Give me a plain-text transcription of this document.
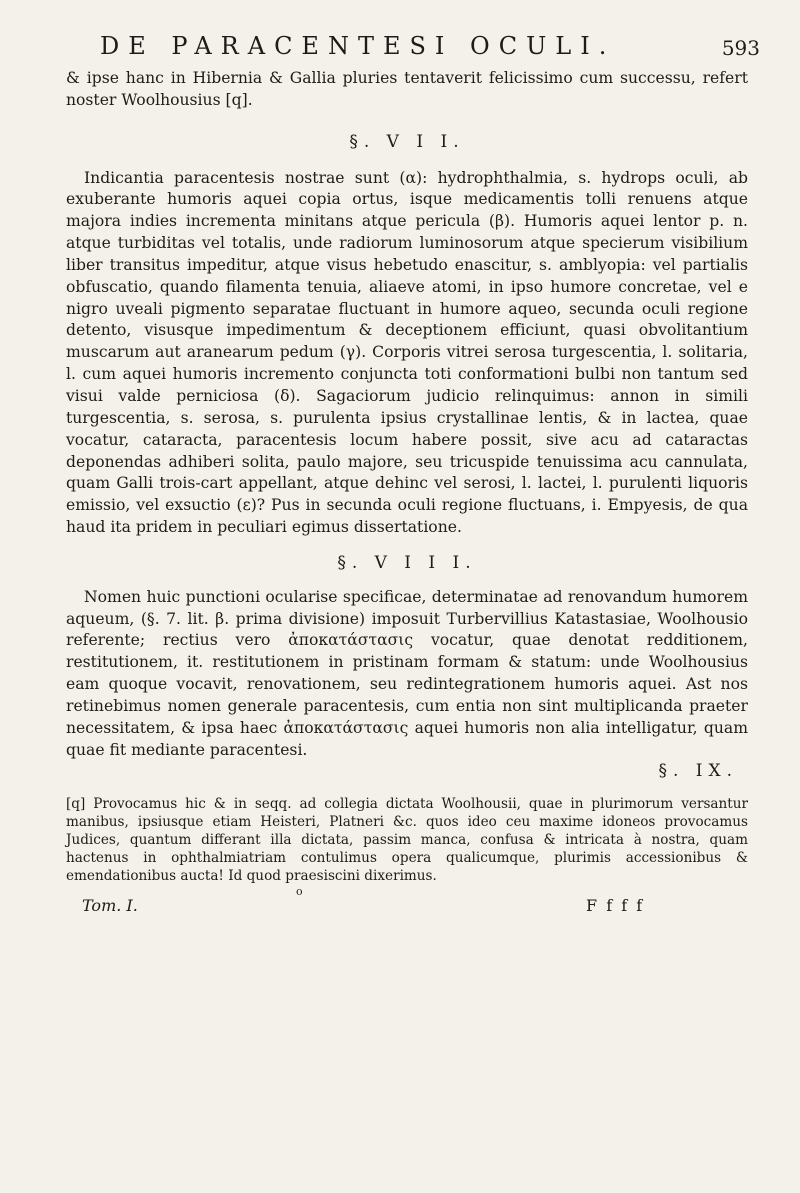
DE PARACENTESI OCULI.	593

& ipse hanc in Hibernia & Gallia pluries tentaverit felicissimo cum successu, refert noster Woolhousius [q].

§. V I I.

Indicantia paracentesis nostrae sunt (α): hydrophthalmia, s. hydrops oculi, ab exuberante humoris aquei copia ortus, isque medicamentis tolli renuens atque majora indies incrementa minitans atque pericula (β). Humoris aquei lentor p. n. atque turbiditas vel totalis, unde radiorum luminosorum atque specierum visibilium liber transitus impeditur, atque visus hebetudo enascitur, s. amblyopia: vel partialis obfuscatio, quando filamenta tenuia, aliaeve atomi, in ipso humore concretae, vel e nigro uveali pigmento separatae fluctuant in humore aqueo, secunda oculi regione detento, visusque impedimentum & deceptionem efficiunt, quasi obvolitantium muscarum aut aranearum pedum (γ). Corporis vitrei serosa turgescentia, l. solitaria, l. cum aquei humoris incremento conjuncta toti conformationi bulbi non tantum sed visui valde perniciosa (δ). Sagaciorum judicio relinquimus: annon in simili turgescentia, s. serosa, s. purulenta ipsius crystallinae lentis, & in lactea, quae vocatur, cataracta, paracentesis locum habere possit, sive acu ad cataractas deponendas adhiberi solita, paulo majore, seu tricuspide tenuissima acu cannulata, quam Galli trois-cart appellant, atque dehinc vel serosi, l. lactei, l. purulenti liquoris emissio, vel exsuctio (ε)? Pus in secunda oculi regione fluctuans, i. Empyesis, de qua haud ita pridem in peculiari egimus dissertatione.

§. V I I I.

Nomen huic punctioni ocularise specificae, determinatae ad renovandum humorem aqueum, (§. 7. lit. β. prima divisione) imposuit Turbervillius Katastasiae, Woolhousio referente; rectius vero ἀποκατάστασις vocatur, quae denotat redditionem, restitutionem, it. restitutionem in pristinam formam & statum: unde Woolhousius eam quoque vocavit, renovationem, seu redintegrationem humoris aquei. Ast nos retinebimus nomen generale paracentesis, cum entia non sint multiplicanda praeter necessitatem, & ipsa haec ἀποκατάστασις aquei humoris non alia intelligatur, quam quae fit mediante paracentesi.

§. IX.

[q] Provocamus hic & in seqq. ad collegia dictata Woolhousii, quae in plurimorum versantur manibus, ipsiusque etiam Heisteri, Platneri &c. quos ideo ceu maxime idoneos provocamus Judices, quantum differant illa dictata, passim manca, confusa & intricata à nostra, quam hactenus in ophthalmiatriam contulimus opera qualicumque, plurimis accessionibus & emendationibus aucta! Id quod praesiscini dixerimus.

o
Tom. I.	F f f f
